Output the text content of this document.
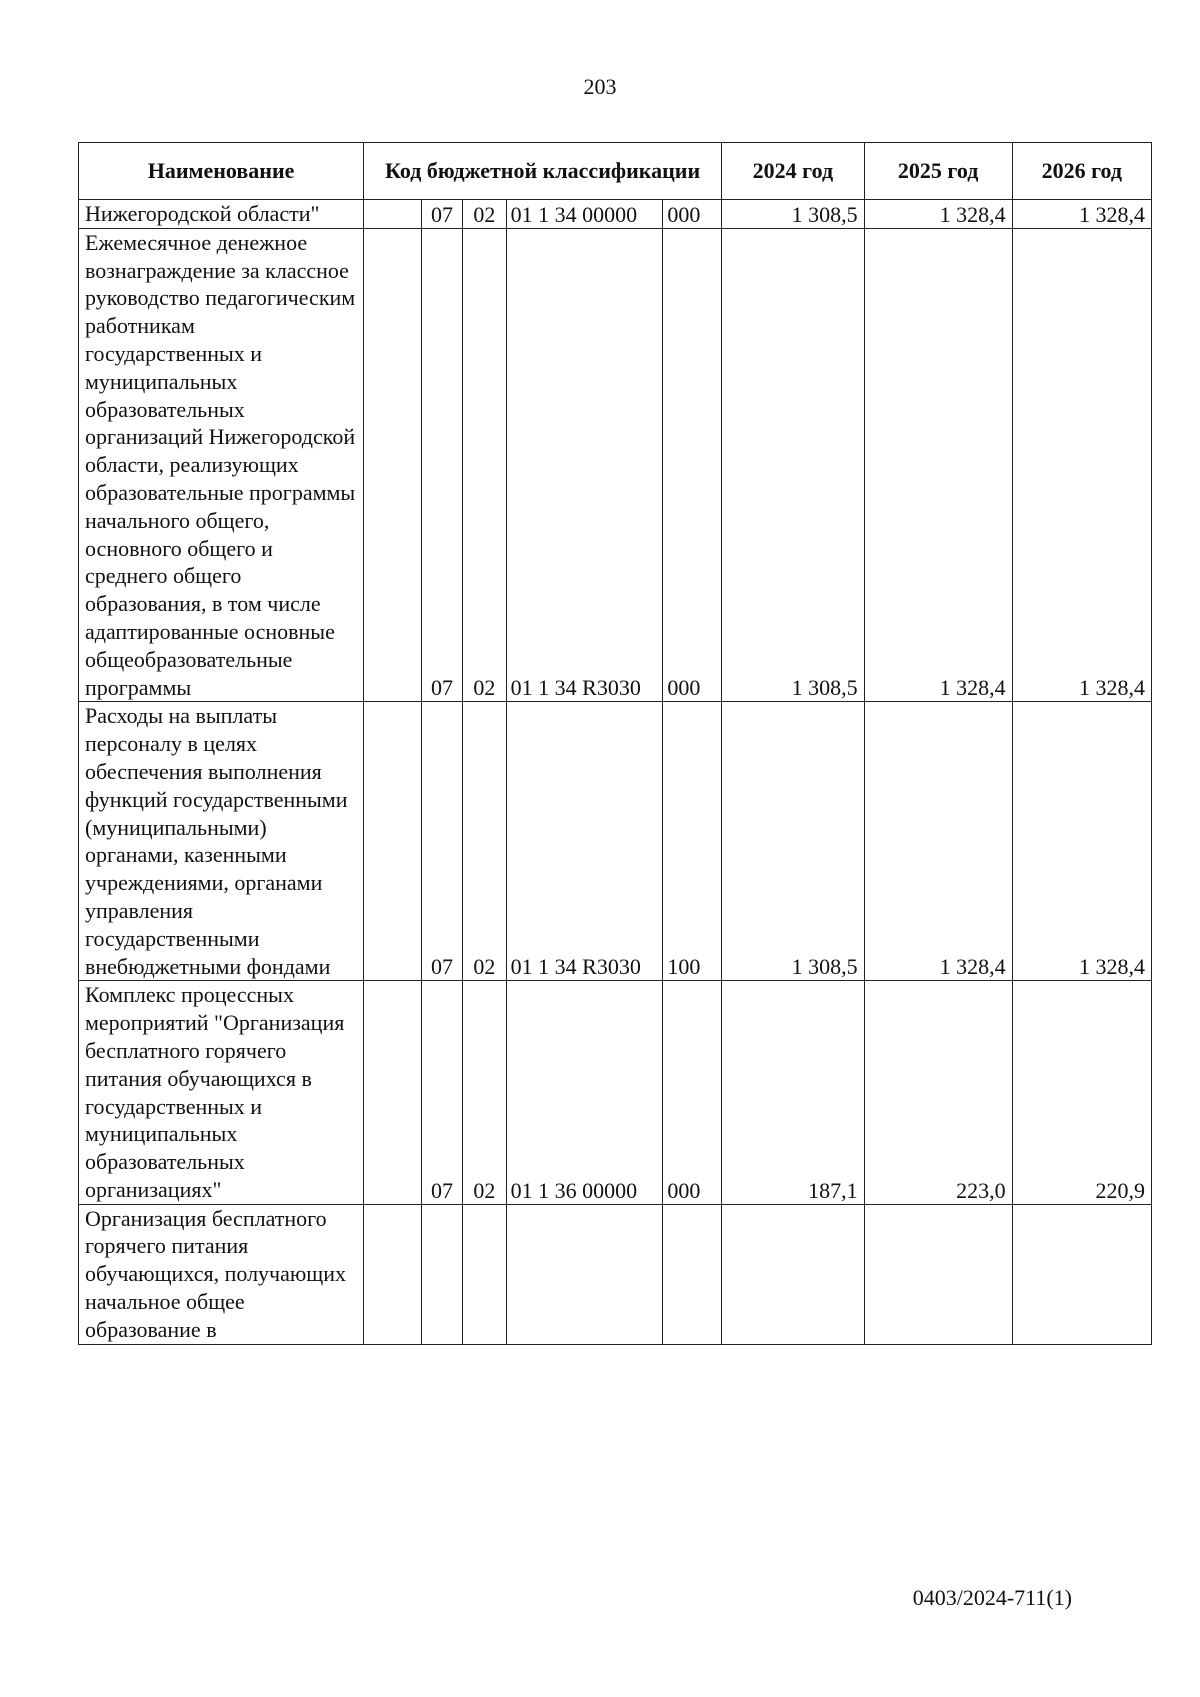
203
Наименование	Код бюджетной классификации					2024 год	2025 год	2026 год
Нижегородской области"		07	02	01 1 34 00000	000	1 308,5	1 328,4	1 328,4
Ежемесячное денежное вознаграждение за классное руководство педагогическим работникам государственных и муниципальных образовательных организаций Нижегородской области, реализующих образовательные программы начального общего, основного общего и среднего общего образования, в том числе адаптированные основные общеобразовательные программы		07	02	01 1 34 R3030	000	1 308,5	1 328,4	1 328,4
Расходы на выплаты персоналу в целях обеспечения выполнения функций государственными (муниципальными) органами, казенными учреждениями, органами управления государственными внебюджетными фондами		07	02	01 1 34 R3030	100	1 308,5	1 328,4	1 328,4
Комплекс процессных мероприятий "Организация бесплатного горячего питания обучающихся в государственных и муниципальных образовательных организациях"		07	02	01 1 36 00000	000	187,1	223,0	220,9
Организация бесплатного горячего питания обучающихся, получающих начальное общее образование в								
0403/2024-711(1)
